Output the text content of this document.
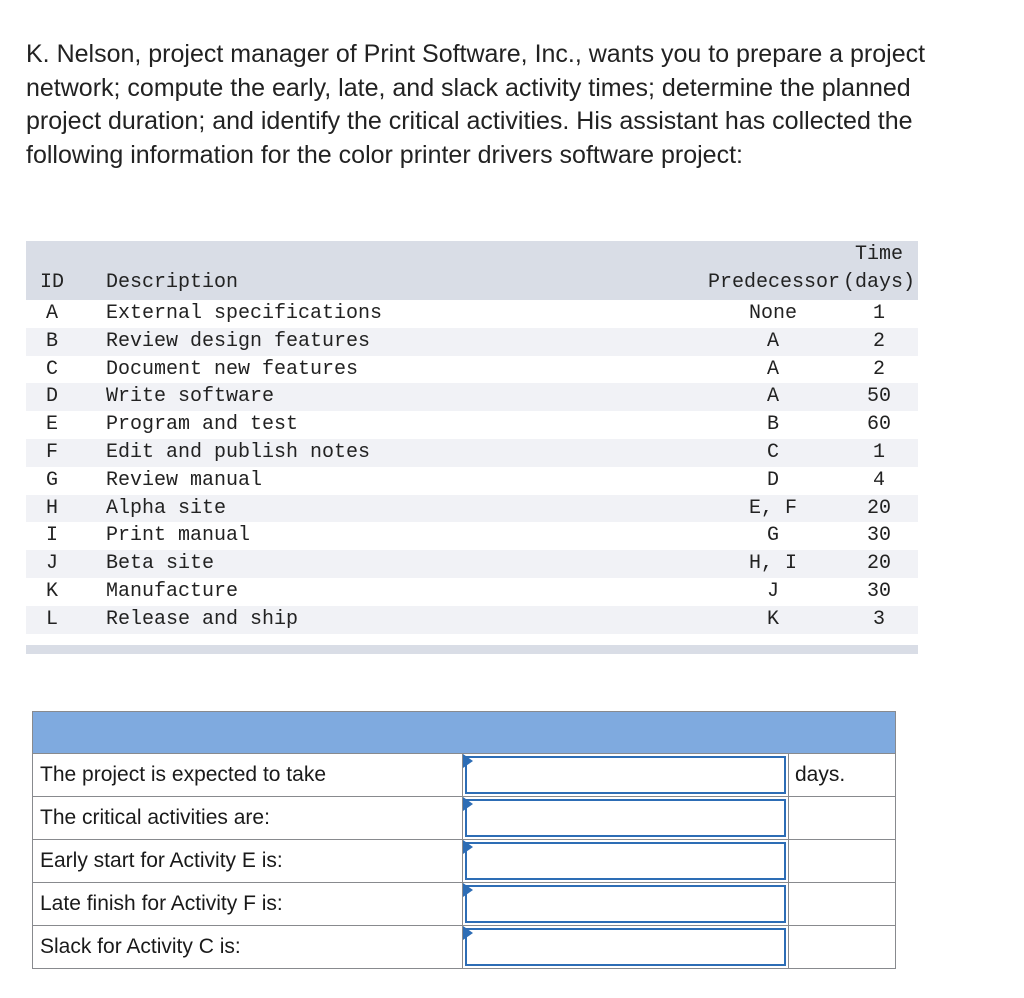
K. Nelson, project manager of Print Software, Inc., wants you to prepare a project network; compute the early, late, and slack activity times; determine the planned project duration; and identify the critical activities. His assistant has collected the following information for the color printer drivers software project:

ID	Description	Predecessor	Time
(days)

A	External specifications	None	1
B	Review design features	A	2
C	Document new features	A	2
D	Write software	A	50
E	Program and test	B	60
F	Edit and publish notes	C	1
G	Review manual	D	4
H	Alpha site	E, F	20
I	Print manual	G	30
J	Beta site	H, I	20
K	Manufacture	J	30
L	Release and ship	K	3

The project is expected to take		days.
The critical activities are:	

Early start for Activity E is:	

Late finish for Activity F is:	

Slack for Activity C is:	
